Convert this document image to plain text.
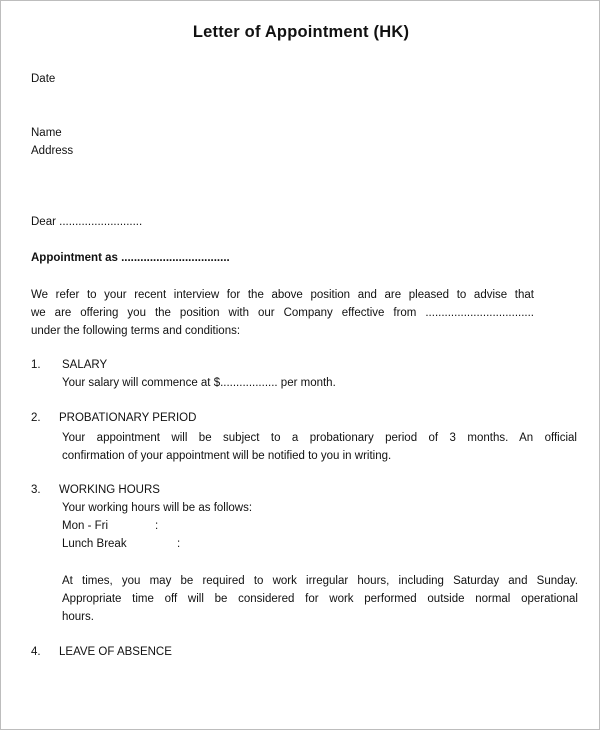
Letter of Appointment (HK)
Date
Name
Address
Dear ..........................
Appointment as ..................................
We refer to your recent interview for the above position and are pleased to advise that
we are offering you the position with our Company effective from ..................................
under the following terms and conditions:
1. SALARY
Your salary will commence at $.................. per month.
2. PROBATIONARY PERIOD
Your appointment will be subject to a probationary period of 3 months. An official
confirmation of your appointment will be notified to you in writing.
3. WORKING HOURS
Your working hours will be as follows:
Mon - Fri	:
Lunch Break	:
At times, you may be required to work irregular hours, including Saturday and Sunday.
Appropriate time off will be considered for work performed outside normal operational
hours.
4. LEAVE OF ABSENCE
